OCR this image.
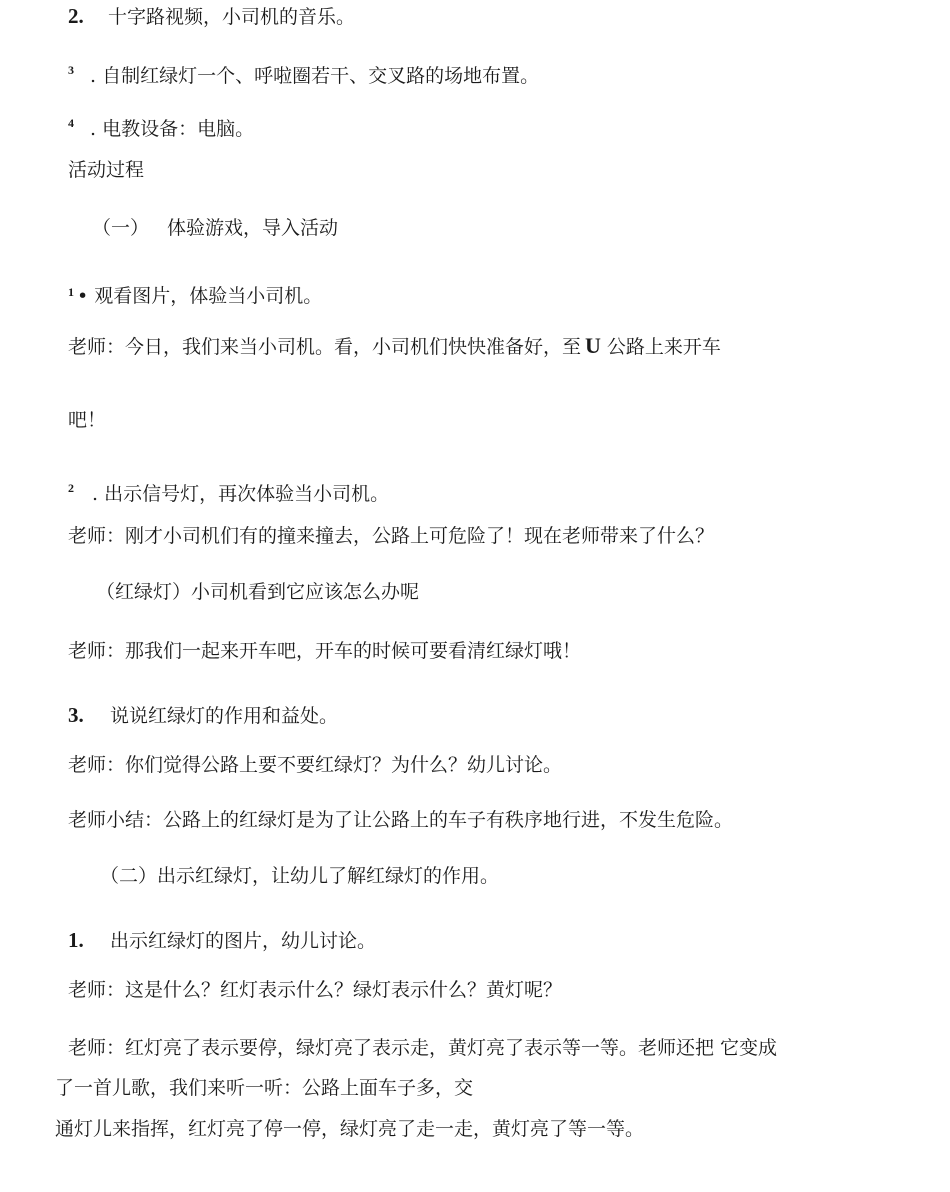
2. 十字路视频，小司机的音乐。
3 . 自制红绿灯一个、呼啦圈若干、交叉路的场地布置。
4 . 电教设备：电脑。
活动过程
（一） 体验游戏，导入活动
1 • 观看图片，体验当小司机。
老师：今日，我们来当小司机。看，小司机们快快准备好，至 U 公路上来开车
吧！
2 . 出示信号灯，再次体验当小司机。
老师：刚才小司机们有的撞来撞去，公路上可危险了！现在老师带来了什么？
（红绿灯）小司机看到它应该怎么办呢
老师：那我们一起来开车吧，开车的时候可要看清红绿灯哦！
3. 说说红绿灯的作用和益处。
老师：你们觉得公路上要不要红绿灯？为什么？幼儿讨论。
老师小结：公路上的红绿灯是为了让公路上的车子有秩序地行进，不发生危险。
（二）出示红绿灯，让幼儿了解红绿灯的作用。
1. 出示红绿灯的图片，幼儿讨论。
老师：这是什么？红灯表示什么？绿灯表示什么？黄灯呢？
老师：红灯亮了表示要停，绿灯亮了表示走，黄灯亮了表示等一等。老师还把 它变成
了一首儿歌，我们来听一听：公路上面车子多，交
通灯儿来指挥，红灯亮了停一停，绿灯亮了走一走，黄灯亮了等一等。
